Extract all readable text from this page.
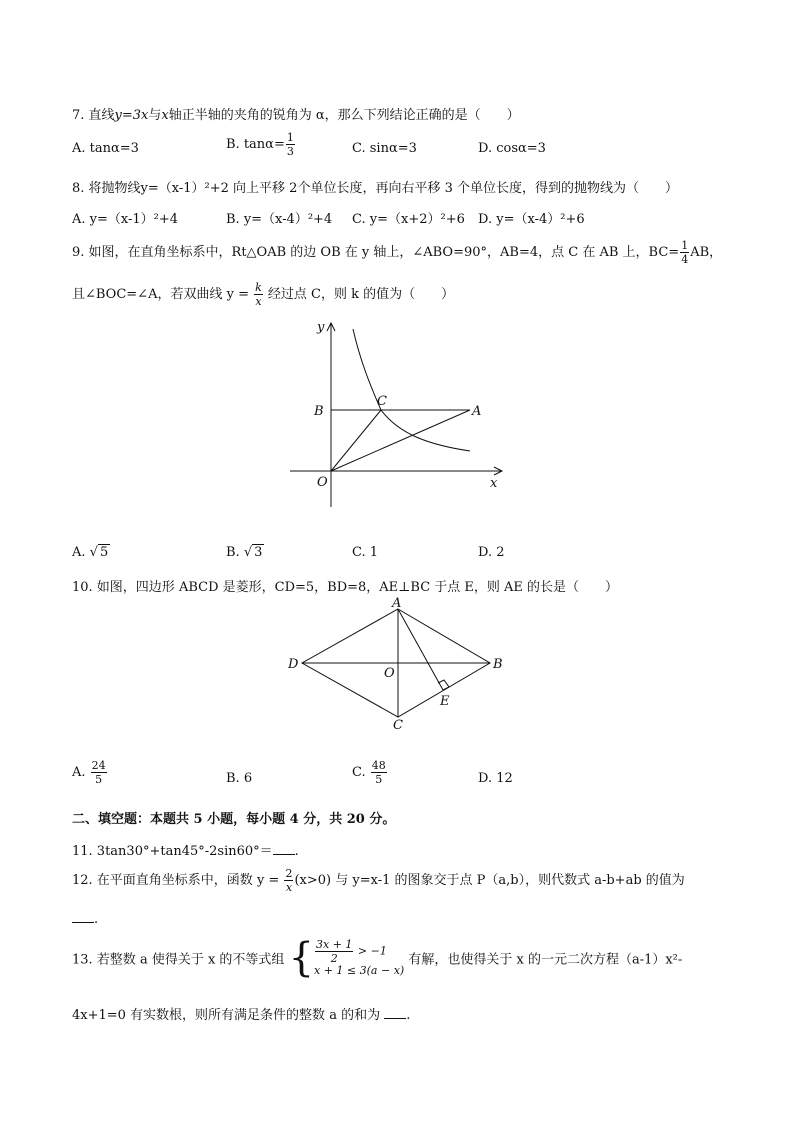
7. 直线y=3x与x轴正半轴的夹角的锐角为 α，那么下列结论正确的是（　　）
A. tanα=3	B. $\tan\alpha= \frac{1}{3}$	C. sinα=3	D. cosα=3
8. 将抛物线y=（x-1）²+2 向上平移 2个单位长度，再向右平移 3 个单位长度，得到的抛物线为（　　）
A. y=（x-1）²+4	B. y=（x-4）²+4 C. y=（x+2）²+6 D. y=（x-4）²+6
9. 如图，在直角坐标系中，Rt△OAB 的边 OB 在 y 轴上，∠ABO=90°，AB=4，点 C 在 AB 上，$BC= \frac{1}{4}$ AB，
且∠BOC=∠A，若双曲线 $y = \frac{k}{x}$ 经过点 C，则 k 的值为（　　）
y
x
O
B
C
A
A. √ 5	B. √ 3	C. 1	D. 2
10. 如图，四边形 ABCD 是菱形，CD=5，BD=8，AE⊥BC 于点 E，则 AE 的长是（　　）
A
B
C
D
O
E
A. $\frac{24}{5}$	B. 6	C. $\frac{48}{5}$	D. 12
二、填空题：本题共 5 小题，每小题 4 分，共 20 分。
11. 3tan30°+tan45°-2sin60°＝ .
12. 在平面直角坐标系中，函数 $y = \frac{2}{x} (x>0)$ 与 y=x-1 的图象交于点 P（a,b），则代数式 a-b+ab 的值为
.
13. 若整数 a 使得关于 x 的不等式组 { $\frac{3x + 1}{2} > -1$
x + 1 ≤ 3(a − x)
有解，也使得关于 x 的一元二次方程（a-1）x²-
4x+1=0 有实数根，则所有满足条件的整数 a 的和为 .
